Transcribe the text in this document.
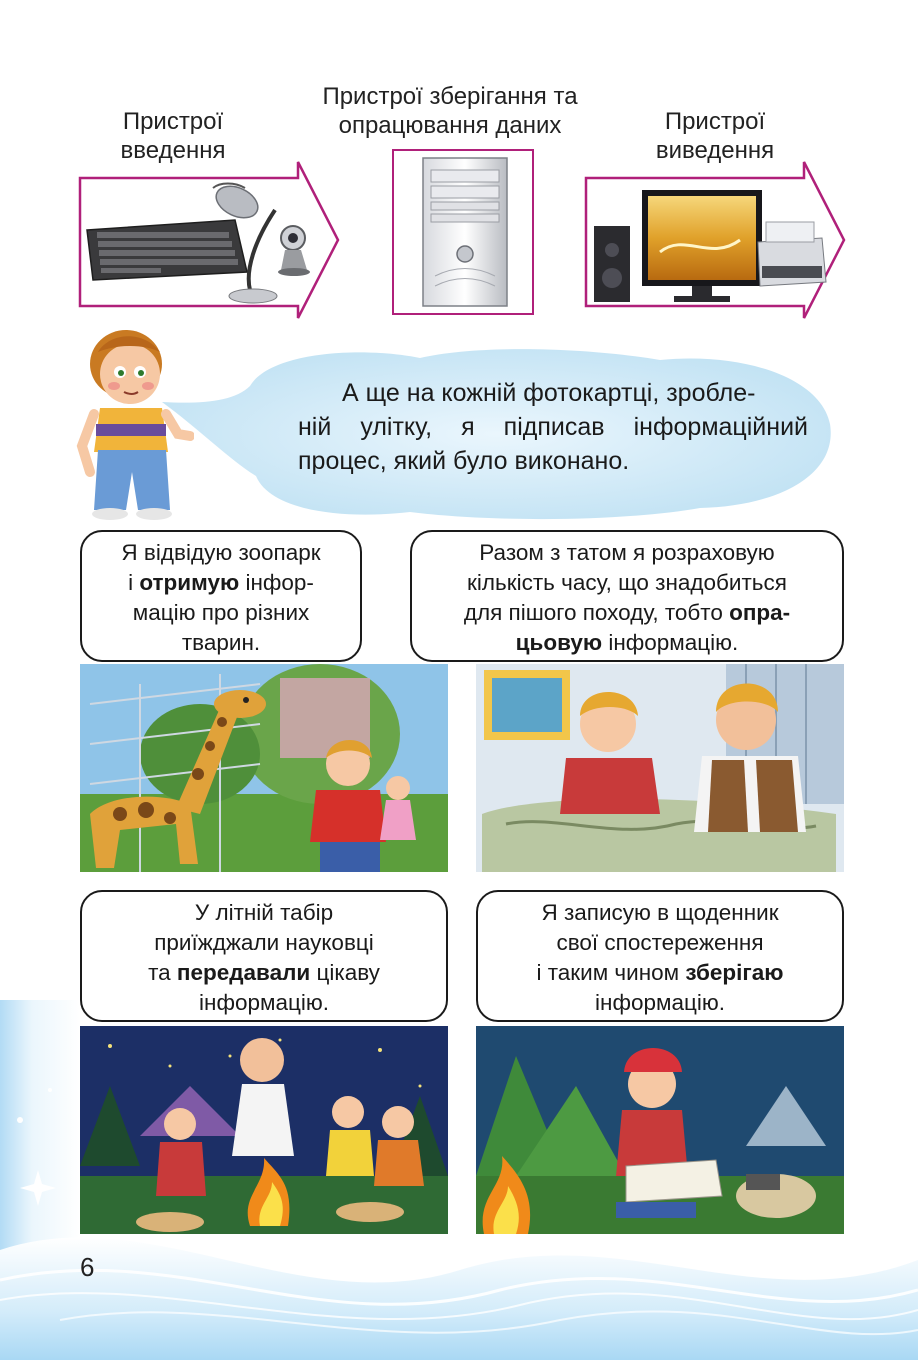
Пристрої
введення
Пристрої зберігання та
опрацювання даних	Пристрої
виведення
А ще на кожній фотокартці, зробле-
ній улітку, я підписав інформаційний
процес, який було виконано.
Я відвідую зоопарк
і отримую інфор-
мацію про різних
тварин.
Разом з татом я розраховую
кількість часу, що знадобиться
для пішого походу, тобто опра-
цьовую інформацію.
У літній табір
приїжджали науковці
та передавали цікаву
інформацію.
Я записую в щоденник
свої спостереження
і таким чином зберігаю
інформацію.
6
